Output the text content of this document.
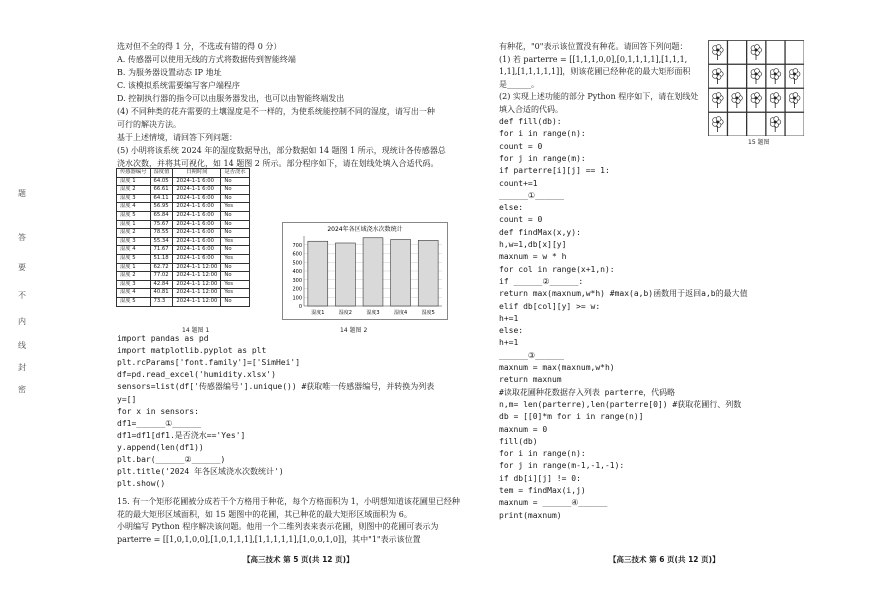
题
答
要
不
内
线
封
密
选对但不全的得 1 分，不选或有错的得 0 分）
A. 传感器可以使用无线的方式将数据传到智能终端
B. 为服务器设置动态 IP 地址
C. 该模拟系统需要编写客户端程序
D. 控制执行器的指令可以由服务器发出，也可以由智能终端发出
(4) 不同种类的花卉需要的土壤湿度是不一样的，为使系统能控制不同的湿度，请写出一种
可行的解决方法。
基于上述情境，请回答下列问题：
(5) 小明将该系统 2024 年的湿度数据导出，部分数据如 14 题图 1 所示，现统计各传感器总
浇水次数，并将其可视化，如 14 题图 2 所示。部分程序如下，请在划线处填入合适代码。
传感器编号	湿度值	日期时间	是否浇水
湿度 1	64.05	2024-1-1 6:00	No
湿度 2	66.61	2024-1-1 6:00	No
湿度 3	64.11	2024-1-1 6:00	No
湿度 4	56.95	2024-1-1 6:00	Yes
湿度 5	65.84	2024-1-1 6:00	No
湿度 1	75.67	2024-1-1 6:00	No
湿度 2	78.55	2024-1-1 6:00	No
湿度 3	55.34	2024-1-1 6:00	Yes
湿度 4	71.67	2024-1-1 6:00	No
湿度 5	51.18	2024-1-1 6:00	Yes
湿度 1	62.72	2024-1-1 12:00	No
湿度 2	77.02	2024-1-1 12:00	No
湿度 3	42.84	2024-1-1 12:00	Yes
湿度 4	40.81	2024-1-1 12:00	Yes
湿度 5	73.3	2024-1-1 12:00	No
14 题图 1
2024年各区域浇水次数统计
0
100
200
300
400
500
600
700
湿度1	湿度2	湿度3	湿度4	湿度5
14 题图 2
import pandas as pd
import matplotlib.pyplot as plt
plt.rcParams['font.family']=['SimHei']
df=pd.read_excel('humidity.xlsx')
sensors=list(df['传感器编号'].unique()) #获取唯一传感器编号，并转换为列表
y=[]
for x in sensors:
df1=______①______
df1=df1[df1.是否浇水=='Yes']
y.append(len(df1))
plt.bar(______②______)
plt.title('2024 年各区域浇水次数统计')
plt.show()
15. 有一个矩形花圃被分成若干个方格用于种花，每个方格面积为 1，小明想知道该花圃里已经种
花的最大矩形区域面积，如 15 题图中的花圃，其已种花的最大矩形区域面积为 6。
小明编写 Python 程序解决该问题。他用一个二维列表来表示花圃，则图中的花圃可表示为
parterre = [[1,0,1,0,0],[1,0,1,1,1],[1,1,1,1,1],[1,0,0,1,0]]，其中"1"表示该位置
有种花，"0"表示该位置没有种花。请回答下列问题：
(1) 若 parterre = [[1,1,1,0,0],[0,1,1,1,1],[1,1,1,
1,1],[1,1,1,1,1]]，则该花圃已经种花的最大矩形面积
是______。
(2) 实现上述功能的部分 Python 程序如下，请在划线处
填入合适的代码。
def fill(db):
for i in range(n):
count = 0
for j in range(m):
if parterre[i][j] == 1:
count+=1
______①______
else:
count = 0
def findMax(x,y):
h,w=1,db[x][y]
maxnum = w * h
for col in range(x+1,n):
if ______②______:
return max(maxnum,w*h) #max(a,b)函数用于返回a,b的最大值
elif db[col][y] >= w:
h+=1
else:
h+=1
______③______
maxnum = max(maxnum,w*h)
return maxnum
#读取花圃种花数据存入列表 parterre，代码略
n,m= len(parterre),len(parterre[0]) #获取花圃行、列数
db = [[0]*m for i in range(n)]
maxnum = 0
fill(db)
for i in range(n):
for j in range(m-1,-1,-1):
if db[i][j] != 0:
tem = findMax(i,j)
maxnum = ______④______
print(maxnum)
15 题图
【高三技术 第 5 页(共 12 页)】	【高三技术 第 6 页(共 12 页)】
